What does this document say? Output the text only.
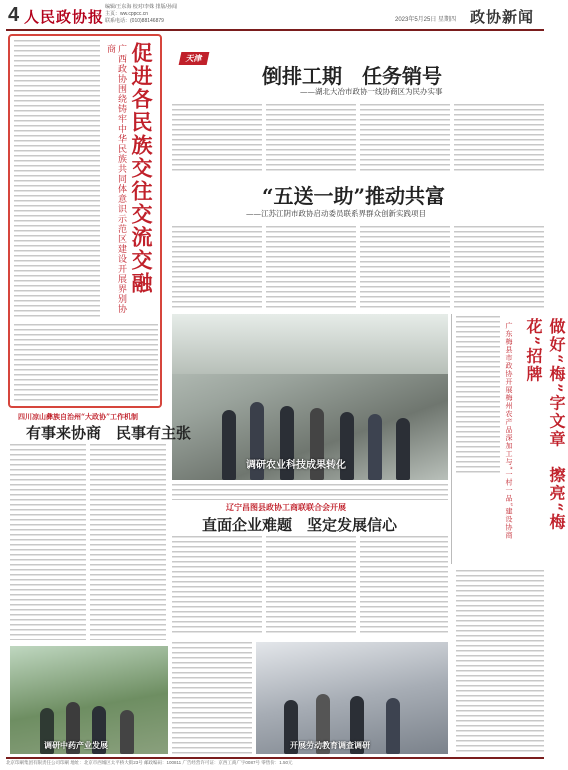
4 人民政协报
编辑/王东海 校对/李姝 排版/孙闻
主页：ww.cppcc.cn
联系电话：(010)88146879	2023年5月25日 星期四 政协新闻
促进各民族交往交流交融
广西政协围绕铸牢中华民族共同体意识示范区建设开展界别协商
天津
倒排工期　任务销号
——湖北大冶市政协一线协商区为民办实事
“五送一助”推动共富
——江苏江阴市政协启动委员联系界群众创新实践项目
调研农业科技成果转化	做好“梅”字文章　擦亮“梅花”招牌
广东梅县市政协开展梅州农产品深加工与“一村一品”建设协商
四川凉山彝族自治州“大政协”工作机制
有事来协商　民事有主张
辽宁昌图县政协工商联联合会开展
直面企业难题　坚定发展信心
调研中药产业发展	开展劳动教育调查调研
北京印刷集团有限责任公司印刷 地址：北京市西城区太平桥大街23号 邮政编码：100811 广告经营许可证：京西工商广字0087号 零售价：1.50元
